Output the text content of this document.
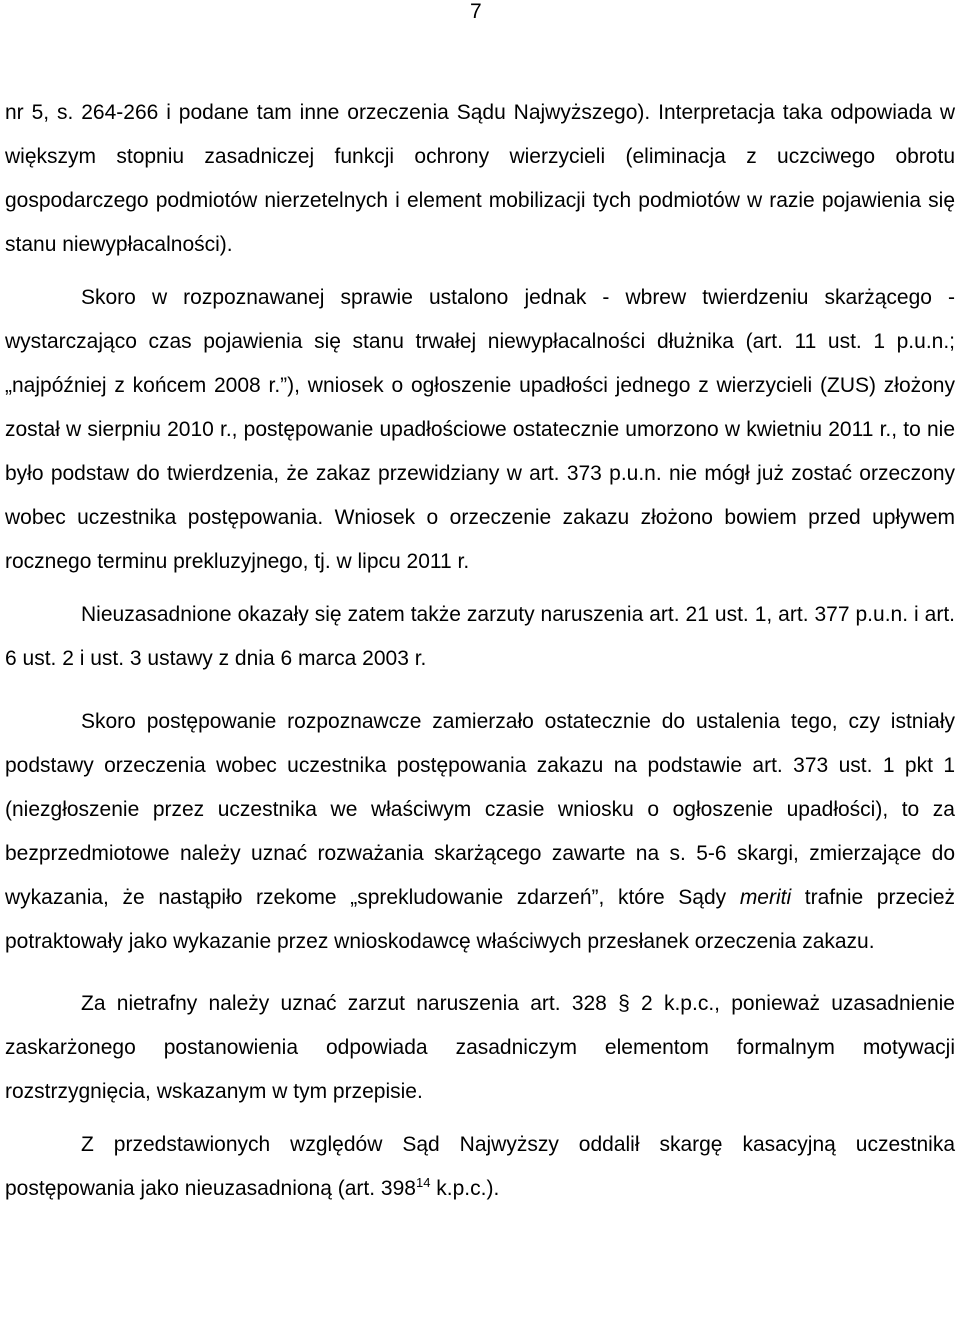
7

nr 5, s. 264-266 i podane tam inne orzeczenia Sądu Najwyższego). Interpretacja taka odpowiada w większym stopniu zasadniczej funkcji ochrony wierzycieli (eliminacja z uczciwego obrotu gospodarczego podmiotów nierzetelnych i element mobilizacji tych podmiotów w razie pojawienia się stanu niewypłacalności).

Skoro w rozpoznawanej sprawie ustalono jednak - wbrew twierdzeniu skarżącego - wystarczająco czas pojawienia się stanu trwałej niewypłacalności dłużnika (art. 11 ust. 1 p.u.n.; „najpóźniej z końcem 2008 r.”), wniosek o ogłoszenie upadłości jednego z wierzycieli (ZUS) złożony został w sierpniu 2010 r., postępowanie upadłościowe ostatecznie umorzono w kwietniu 2011 r., to nie było podstaw do twierdzenia, że zakaz przewidziany w art. 373 p.u.n. nie mógł już zostać orzeczony wobec uczestnika postępowania. Wniosek o orzeczenie zakazu złożono bowiem przed upływem rocznego terminu prekluzyjnego, tj. w lipcu 2011 r.

Nieuzasadnione okazały się zatem także zarzuty naruszenia art. 21 ust. 1, art. 377 p.u.n. i art. 6 ust. 2 i ust. 3 ustawy z dnia 6 marca 2003 r.

Skoro postępowanie rozpoznawcze zamierzało ostatecznie do ustalenia tego, czy istniały podstawy orzeczenia wobec uczestnika postępowania zakazu na podstawie art. 373 ust. 1 pkt 1 (niezgłoszenie przez uczestnika we właściwym czasie wniosku o ogłoszenie upadłości), to za bezprzedmiotowe należy uznać rozważania skarżącego zawarte na s. 5-6 skargi, zmierzające do wykazania, że nastąpiło rzekome „sprekludowanie zdarzeń”, które Sądy meriti trafnie przecież potraktowały jako wykazanie przez wnioskodawcę właściwych przesłanek orzeczenia zakazu.

Za nietrafny należy uznać zarzut naruszenia art. 328 § 2 k.p.c., ponieważ uzasadnienie zaskarżonego postanowienia odpowiada zasadniczym elementom formalnym motywacji rozstrzygnięcia, wskazanym w tym przepisie.

Z przedstawionych względów Sąd Najwyższy oddalił skargę kasacyjną uczestnika postępowania jako nieuzasadnioną (art. $398^{14}$ k.p.c.).
